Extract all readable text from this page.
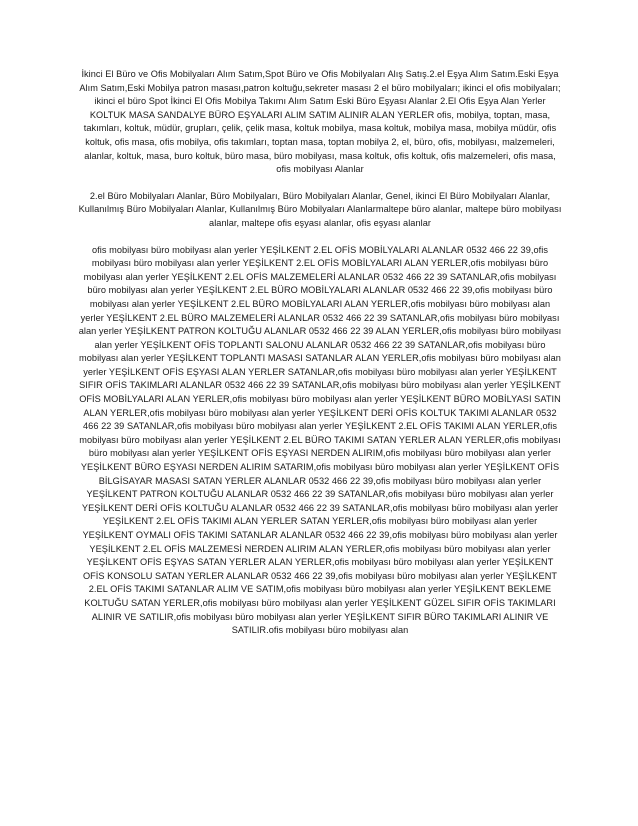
İkinci El Büro ve Ofis Mobilyaları Alım Satım,Spot Büro ve Ofis Mobilyaları Alış Satış.2.el Eşya Alım Satım.Eski Eşya Alım Satım,Eski Mobilya patron masası,patron koltuğu,sekreter masası 2 el büro mobilyaları; ikinci el ofis mobilyaları; ikinci el büro Spot İkinci El Ofis Mobilya Takımı Alım Satım Eski Büro Eşyası Alanlar 2.El Ofis Eşya Alan Yerler KOLTUK MASA SANDALYE BÜRO EŞYALARI ALIM SATIM ALINIR ALAN YERLER ofis, mobilya, toptan, masa, takımları, koltuk, müdür, grupları, çelik, çelik masa, koltuk mobilya, masa koltuk, mobilya masa, mobilya müdür, ofis koltuk, ofis masa, ofis mobilya, ofis takımları, toptan masa, toptan mobilya 2, el, büro, ofis, mobilyası, malzemeleri, alanlar, koltuk, masa, buro koltuk, büro masa, büro mobilyası, masa koltuk, ofis koltuk, ofis malzemeleri, ofis masa, ofis mobilyası Alanlar

2.el Büro Mobilyaları Alanlar, Büro Mobilyaları, Büro Mobilyaları Alanlar, Genel, ikinci El Büro Mobilyaları Alanlar, Kullanılmış Büro Mobilyaları Alanlar, Kullanılmış Büro Mobilyaları Alanlarmaltepe büro alanlar, maltepe büro mobilyası alanlar, maltepe ofis eşyası alanlar, ofis eşyası alanlar

ofis mobilyası büro mobilyası alan yerler YEŞİLKENT 2.EL OFİS MOBİLYALARI ALANLAR 0532 466 22 39,ofis mobilyası büro mobilyası alan yerler YEŞİLKENT 2.EL OFİS MOBİLYALARI ALAN YERLER,ofis mobilyası büro mobilyası alan yerler YEŞİLKENT 2.EL OFİS MALZEMELERİ ALANLAR 0532 466 22 39 SATANLAR,ofis mobilyası büro mobilyası alan yerler YEŞİLKENT 2.EL BÜRO MOBİLYALARI ALANLAR 0532 466 22 39,ofis mobilyası büro mobilyası alan yerler YEŞİLKENT 2.EL BÜRO MOBİLYALARI ALAN YERLER,ofis mobilyası büro mobilyası alan yerler YEŞİLKENT 2.EL BÜRO MALZEMELERİ ALANLAR 0532 466 22 39 SATANLAR,ofis mobilyası büro mobilyası alan yerler YEŞİLKENT PATRON KOLTUĞU ALANLAR 0532 466 22 39 ALAN YERLER,ofis mobilyası büro mobilyası alan yerler YEŞİLKENT OFİS TOPLANTI SALONU ALANLAR 0532 466 22 39 SATANLAR,ofis mobilyası büro mobilyası alan yerler YEŞİLKENT TOPLANTI MASASI SATANLAR ALAN YERLER,ofis mobilyası büro mobilyası alan yerler YEŞİLKENT OFİS EŞYASI ALAN YERLER SATANLAR,ofis mobilyası büro mobilyası alan yerler YEŞİLKENT SIFIR OFİS TAKIMLARI ALANLAR 0532 466 22 39 SATANLAR,ofis mobilyası büro mobilyası alan yerler YEŞİLKENT OFİS MOBİLYALARI ALAN YERLER,ofis mobilyası büro mobilyası alan yerler YEŞİLKENT BÜRO MOBİLYASI SATIN ALAN YERLER,ofis mobilyası büro mobilyası alan yerler YEŞİLKENT DERİ OFİS KOLTUK TAKIMI ALANLAR 0532 466 22 39 SATANLAR,ofis mobilyası büro mobilyası alan yerler YEŞİLKENT 2.EL OFİS TAKIMI ALAN YERLER,ofis mobilyası büro mobilyası alan yerler YEŞİLKENT 2.EL BÜRO TAKIMI SATAN YERLER ALAN YERLER,ofis mobilyası büro mobilyası alan yerler YEŞİLKENT OFİS EŞYASI NERDEN ALIRIM,ofis mobilyası büro mobilyası alan yerler YEŞİLKENT BÜRO EŞYASI NERDEN ALIRIM SATARIM,ofis mobilyası büro mobilyası alan yerler YEŞİLKENT OFİS BİLGİSAYAR MASASI SATAN YERLER ALANLAR 0532 466 22 39,ofis mobilyası büro mobilyası alan yerler YEŞİLKENT PATRON KOLTUĞU ALANLAR 0532 466 22 39 SATANLAR,ofis mobilyası büro mobilyası alan yerler YEŞİLKENT DERİ OFİS KOLTUĞU ALANLAR 0532 466 22 39 SATANLAR,ofis mobilyası büro mobilyası alan yerler YEŞİLKENT 2.EL OFİS TAKIMI ALAN YERLER SATAN YERLER,ofis mobilyası büro mobilyası alan yerler YEŞİLKENT OYMALI OFİS TAKIMI SATANLAR ALANLAR 0532 466 22 39,ofis mobilyası büro mobilyası alan yerler YEŞİLKENT 2.EL OFİS MALZEMESİ NERDEN ALIRIM ALAN YERLER,ofis mobilyası büro mobilyası alan yerler YEŞİLKENT OFİS EŞYAS SATAN YERLER ALAN YERLER,ofis mobilyası büro mobilyası alan yerler YEŞİLKENT OFİS KONSOLU SATAN YERLER ALANLAR 0532 466 22 39,ofis mobilyası büro mobilyası alan yerler YEŞİLKENT 2.EL OFİS TAKIMI SATANLAR ALIM VE SATIM,ofis mobilyası büro mobilyası alan yerler YEŞİLKENT BEKLEME KOLTUĞU SATAN YERLER,ofis mobilyası büro mobilyası alan yerler YEŞİLKENT GÜZEL SIFIR OFİS TAKIMLARI ALINIR VE SATILIR,ofis mobilyası büro mobilyası alan yerler YEŞİLKENT SIFIR BÜRO TAKIMLARI ALINIR VE SATILIR.ofis mobilyası büro mobilyası alan
